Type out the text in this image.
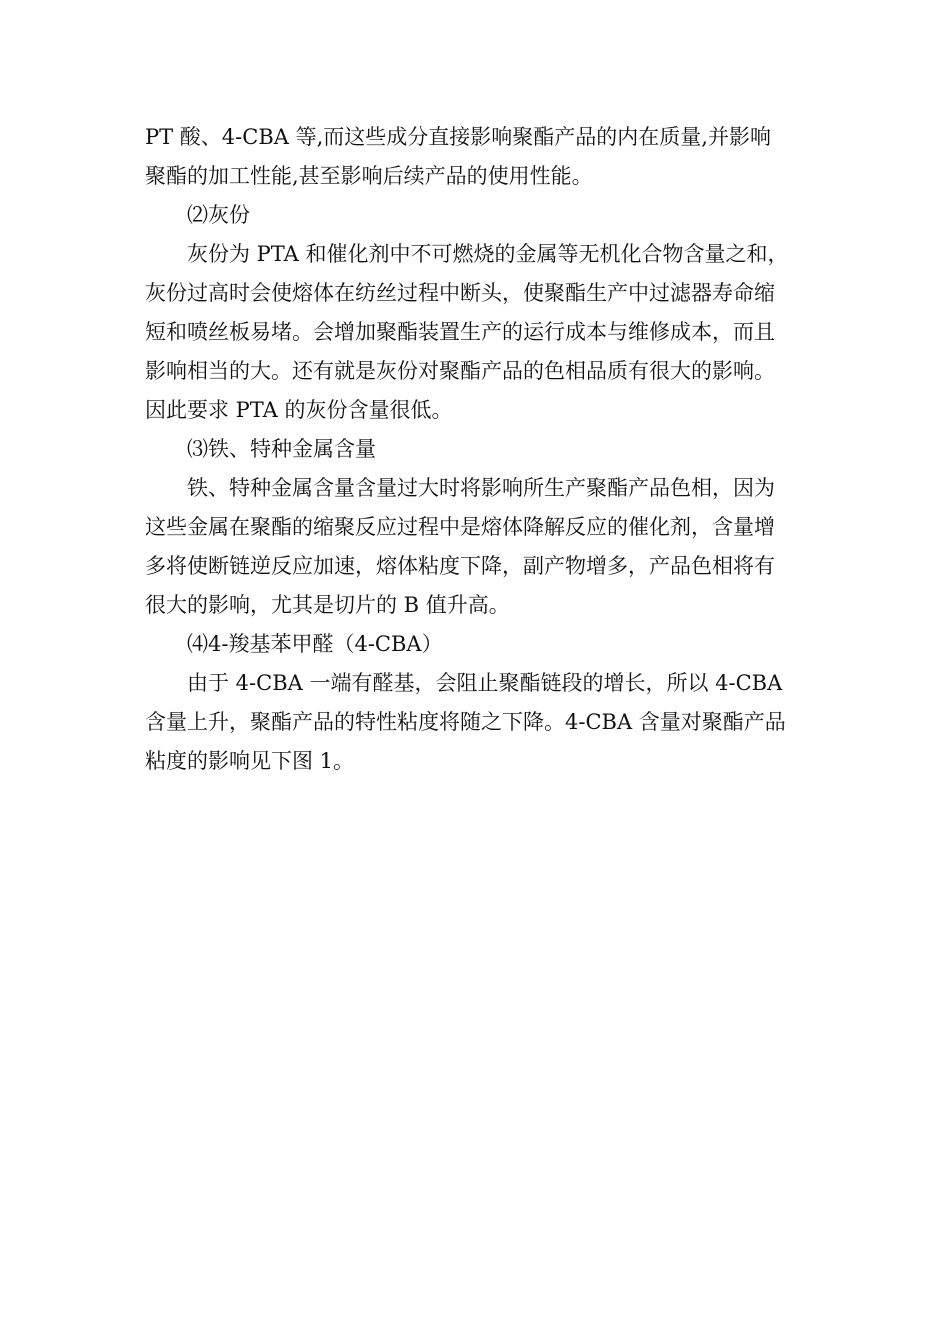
PT 酸、4-CBA 等,而这些成分直接影响聚酯产品的内在质量,并影响
聚酯的加工性能,甚至影响后续产品的使用性能。
⑵灰份
灰份为 PTA 和催化剂中不可燃烧的金属等无机化合物含量之和，
灰份过高时会使熔体在纺丝过程中断头，使聚酯生产中过滤器寿命缩
短和喷丝板易堵。会增加聚酯装置生产的运行成本与维修成本，而且
影响相当的大。还有就是灰份对聚酯产品的色相品质有很大的影响。
因此要求 PTA 的灰份含量很低。
⑶铁、特种金属含量
铁、特种金属含量含量过大时将影响所生产聚酯产品色相，因为
这些金属在聚酯的缩聚反应过程中是熔体降解反应的催化剂，含量增
多将使断链逆反应加速，熔体粘度下降，副产物增多，产品色相将有
很大的影响，尤其是切片的 B 值升高。
⑷4-羧基苯甲醛（4-CBA）
由于 4-CBA 一端有醛基，会阻止聚酯链段的增长，所以 4-CBA
含量上升，聚酯产品的特性粘度将随之下降。4-CBA 含量对聚酯产品
粘度的影响见下图 1。
